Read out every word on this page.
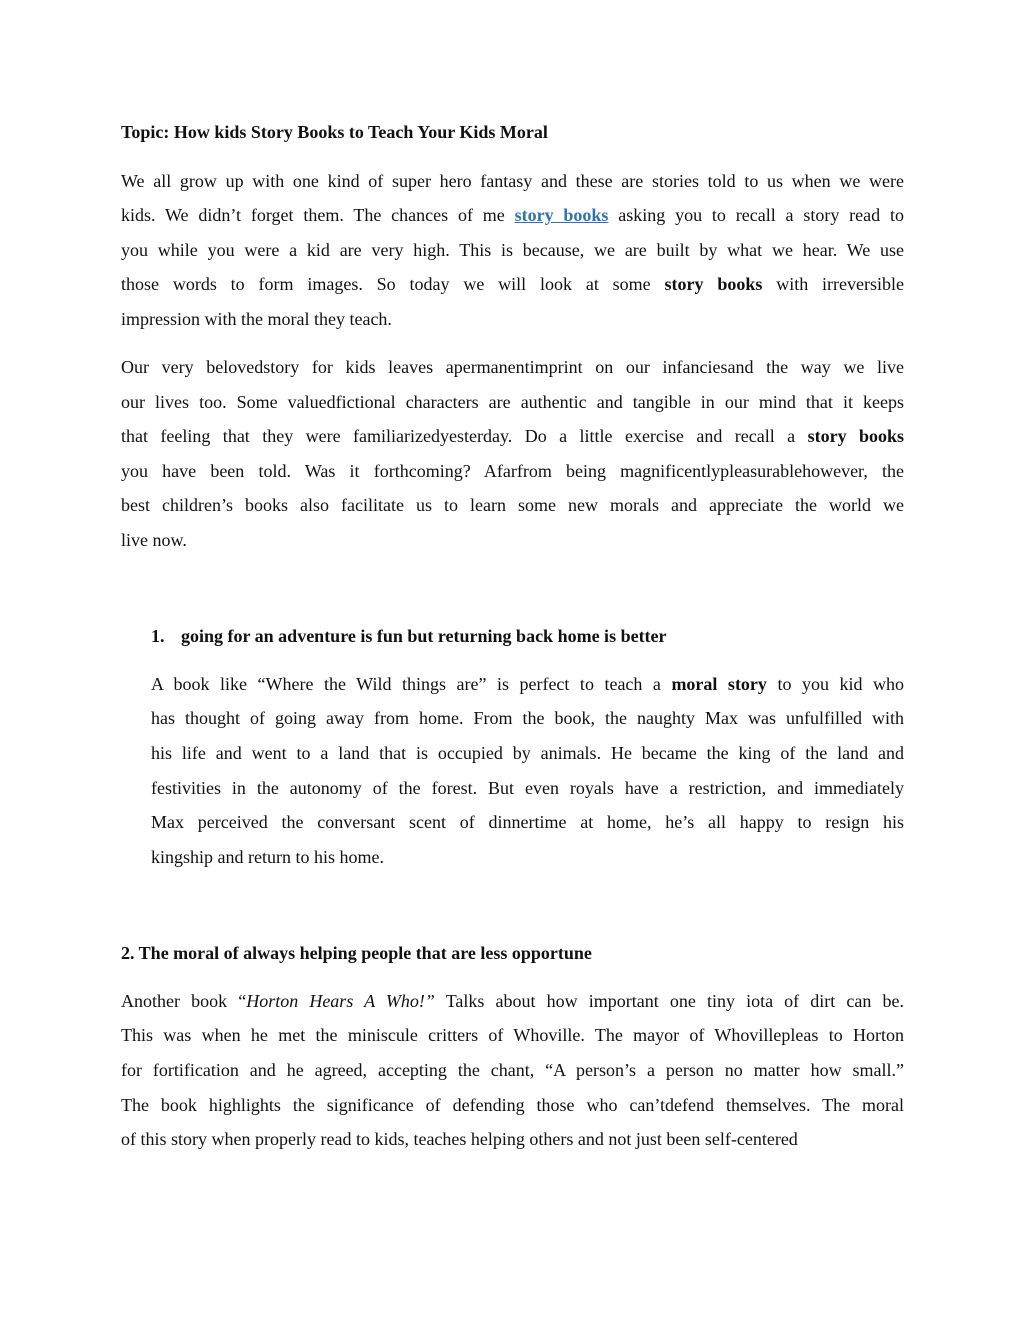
Topic: How kids Story Books to Teach Your Kids Moral
We all grow up with one kind of super hero fantasy and these are stories told to us when we were
kids. We didn’t forget them. The chances of me story books asking you to recall a story read to
you while you were a kid are very high. This is because, we are built by what we hear. We use
those words to form images. So today we will look at some story books with irreversible
impression with the moral they teach.
Our very belovedstory for kids leaves apermanentimprint on our infanciesand the way we live
our lives too. Some valuedfictional characters are authentic and tangible in our mind that it keeps
that feeling that they were familiarizedyesterday. Do a little exercise and recall a story books
you have been told. Was it forthcoming? Afarfrom being magnificentlypleasurablehowever, the
best children’s books also facilitate us to learn some new morals and appreciate the world we
live now.
1. going for an adventure is fun but returning back home is better
A book like “Where the Wild things are” is perfect to teach a moral story to you kid who
has thought of going away from home. From the book, the naughty Max was unfulfilled with
his life and went to a land that is occupied by animals. He became the king of the land and
festivities in the autonomy of the forest. But even royals have a restriction, and immediately
Max perceived the conversant scent of dinnertime at home, he’s all happy to resign his
kingship and return to his home.
2. The moral of always helping people that are less opportune
Another book “Horton Hears A Who!” Talks about how important one tiny iota of dirt can be.
This was when he met the miniscule critters of Whoville. The mayor of Whovillepleas to Horton
for fortification and he agreed, accepting the chant, “A person’s a person no matter how small.”
The book highlights the significance of defending those who can’tdefend themselves. The moral
of this story when properly read to kids, teaches helping others and not just been self-centered
